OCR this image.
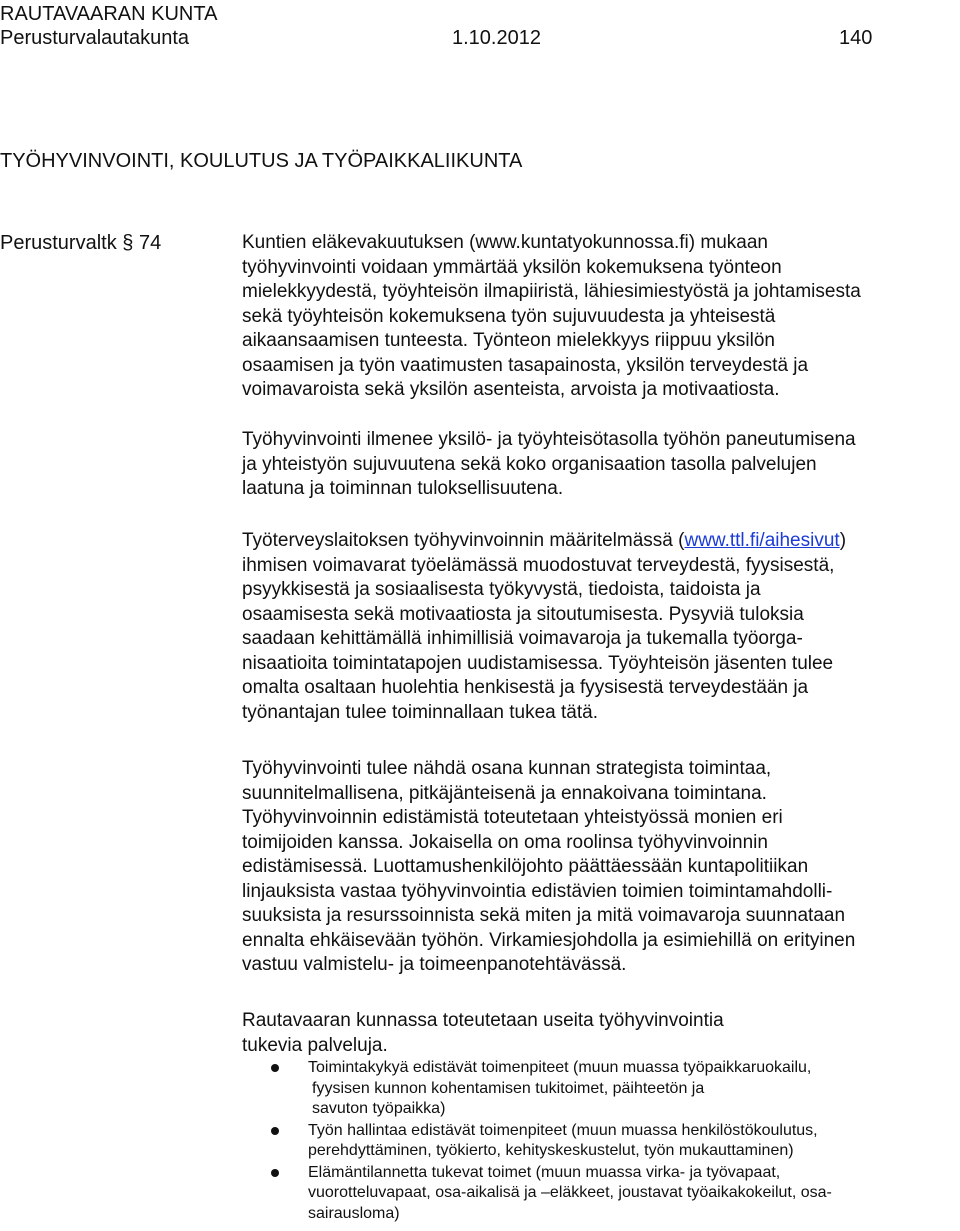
RAUTAVAARAN KUNTA
Perusturvalautakunta	1.10.2012	140
TYÖHYVINVOINTI, KOULUTUS JA TYÖPAIKKALIIKUNTA
Perusturvaltk § 74	Kuntien eläkevakuutuksen (www.kuntatyokunnossa.fi) mukaan
työhyvinvointi voidaan ymmärtää yksilön kokemuksena työnteon
mielekkyydestä, työyhteisön ilmapiiristä, lähiesimiestyöstä ja johtamisesta
sekä työyhteisön kokemuksena työn sujuvuudesta ja yhteisestä
aikaansaamisen tunteesta. Työnteon mielekkyys riippuu yksilön
osaamisen ja työn vaatimusten tasapainosta, yksilön terveydestä ja
voimavaroista sekä yksilön asenteista, arvoista ja motivaatiosta.

Työhyvinvointi ilmenee yksilö- ja työyhteisötasolla työhön paneutumisena
ja yhteistyön sujuvuutena sekä koko organisaation tasolla palvelujen
laatuna ja toiminnan tuloksellisuutena.

Työterveyslaitoksen työhyvinvoinnin määritelmässä (www.ttl.fi/aihesivut)
ihmisen voimavarat työelämässä muodostuvat terveydestä, fyysisestä,
psyykkisestä ja sosiaalisesta työkyvystä, tiedoista, taidoista ja
osaamisesta sekä motivaatiosta ja sitoutumisesta. Pysyviä tuloksia
saadaan kehittämällä inhimillisiä voimavaroja ja tukemalla työorga-
nisaatioita toimintatapojen uudistamisessa. Työyhteisön jäsenten tulee
omalta osaltaan huolehtia henkisestä ja fyysisestä terveydestään ja
työnantajan tulee toiminnallaan tukea tätä.

Työhyvinvointi tulee nähdä osana kunnan strategista toimintaa,
suunnitelmallisena, pitkäjänteisenä ja ennakoivana toimintana.
Työhyvinvoinnin edistämistä toteutetaan yhteistyössä monien eri
toimijoiden kanssa. Jokaisella on oma roolinsa työhyvinvoinnin
edistämisessä. Luottamushenkilöjohto päättäessään kuntapolitiikan
linjauksista vastaa työhyvinvointia edistävien toimien toimintamahdolli-
suuksista ja resurssoinnista sekä miten ja mitä voimavaroja suunnataan
ennalta ehkäisevään työhön. Virkamiesjohdolla ja esimiehillä on erityinen
vastuu valmistelu- ja toimeenpanotehtävässä.

Rautavaaran kunnassa toteutetaan useita työhyvinvointia
tukevia palveluja.

Toimintakykyä edistävät toimenpiteet (muun muassa työpaikkaruokailu,
fyysisen kunnon kohentamisen tukitoimet, päihteetön ja
savuton työpaikka)
Työn hallintaa edistävät toimenpiteet (muun muassa henkilöstökoulutus,
perehdyttäminen, työkierto, kehityskeskustelut, työn mukauttaminen)
Elämäntilannetta tukevat toimet (muun muassa virka- ja työvapaat,
vuorotteluvapaat, osa-aikalisä ja –eläkkeet, joustavat työaikakokeilut, osa-
sairausloma)
